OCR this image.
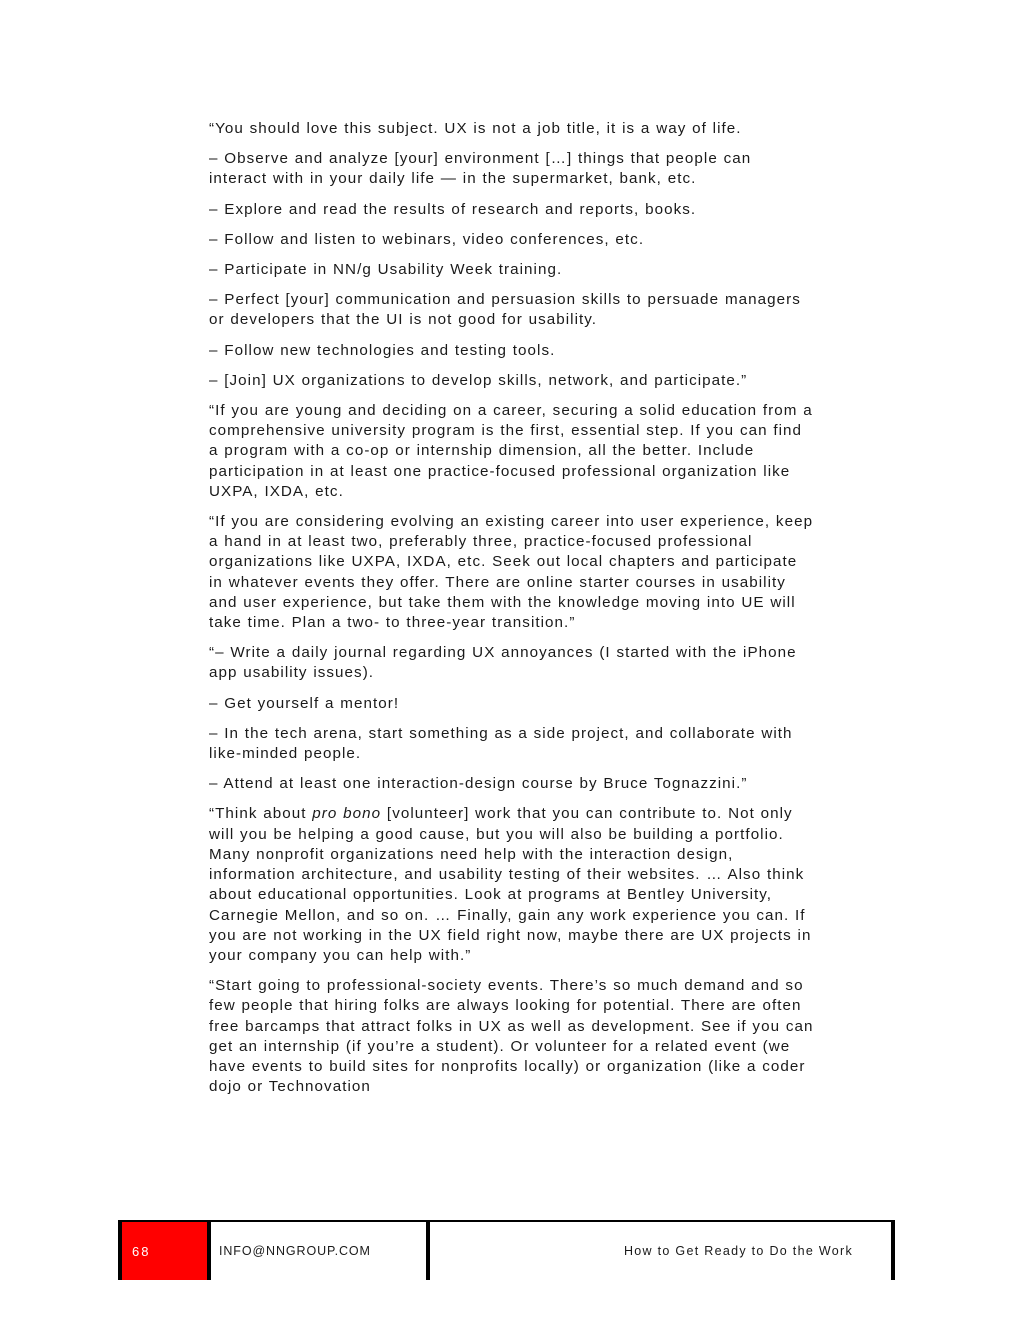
“You should love this subject. UX is not a job title, it is a way of life.

– Observe and analyze [your] environment […] things that people can interact with in your daily life — in the supermarket, bank, etc.

– Explore and read the results of research and reports, books.

– Follow and listen to webinars, video conferences, etc.

– Participate in NN/g Usability Week training.

– Perfect [your] communication and persuasion skills to persuade managers or developers that the UI is not good for usability.

– Follow new technologies and testing tools.

– [Join] UX organizations to develop skills, network, and participate.”

“If you are young and deciding on a career, securing a solid education from a comprehensive university program is the first, essential step. If you can find a program with a co-op or internship dimension, all the better. Include participation in at least one practice-focused professional organization like UXPA, IXDA, etc.

“If you are considering evolving an existing career into user experience, keep a hand in at least two, preferably three, practice-focused professional organizations like UXPA, IXDA, etc. Seek out local chapters and participate in whatever events they offer. There are online starter courses in usability and user experience, but take them with the knowledge moving into UE will take time. Plan a two- to three-year transition.”

“– Write a daily journal regarding UX annoyances (I started with the iPhone app usability issues).

– Get yourself a mentor!

– In the tech arena, start something as a side project, and collaborate with like-minded people.

– Attend at least one interaction-design course by Bruce Tognazzini.”

“Think about pro bono [volunteer] work that you can contribute to. Not only will you be helping a good cause, but you will also be building a portfolio. Many nonprofit organizations need help with the interaction design, information architecture, and usability testing of their websites. … Also think about educational opportunities. Look at programs at Bentley University, Carnegie Mellon, and so on. … Finally, gain any work experience you can. If you are not working in the UX field right now, maybe there are UX projects in your company you can help with.”

“Start going to professional-society events. There’s so much demand and so few people that hiring folks are always looking for potential. There are often free barcamps that attract folks in UX as well as development. See if you can get an internship (if you’re a student). Or volunteer for a related event (we have events to build sites for nonprofits locally) or organization (like a coder dojo or Technovation

68	INFO@NNGROUP.COM	How to Get Ready to Do the Work
